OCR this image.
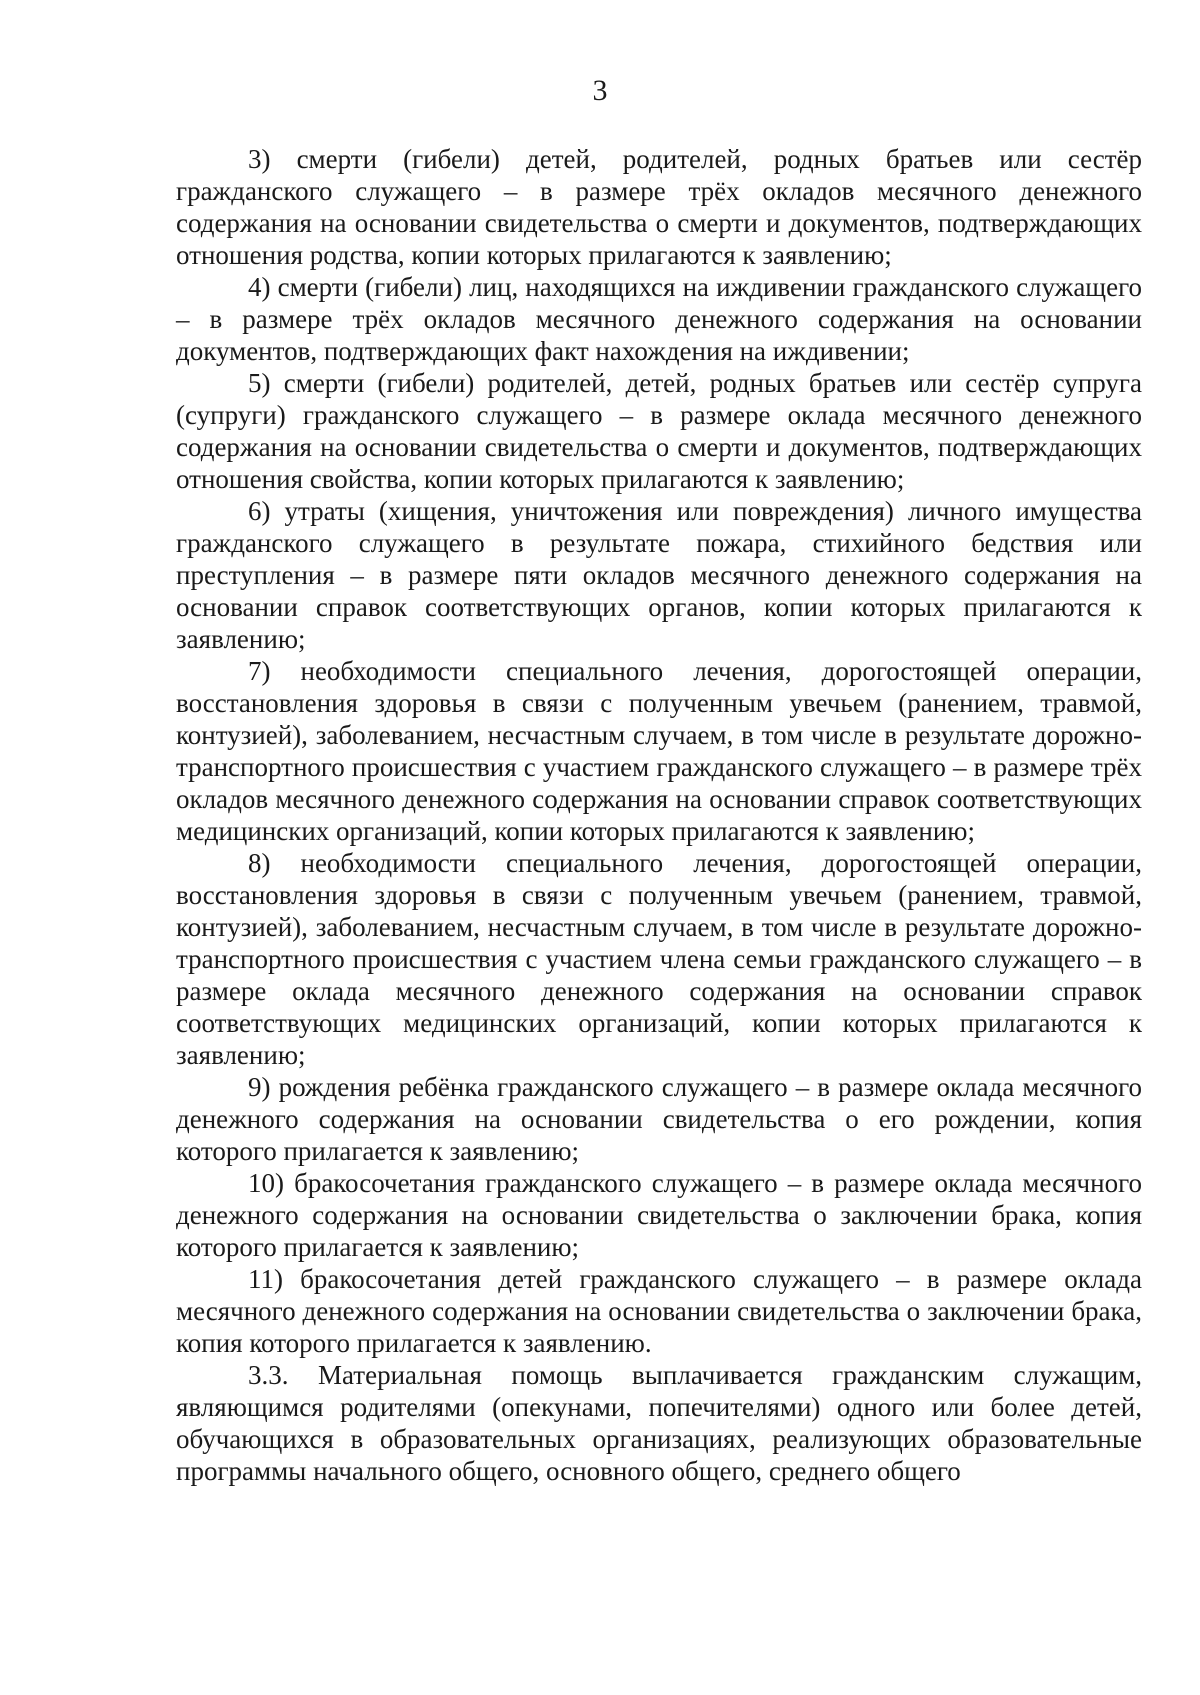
3

3) смерти (гибели) детей, родителей, родных братьев или сестёр гражданского служащего – в размере трёх окладов месячного денежного содержания на основании свидетельства о смерти и документов, подтверждающих отношения родства, копии которых прилагаются к заявлению;

4) смерти (гибели) лиц, находящихся на иждивении гражданского служащего – в размере трёх окладов месячного денежного содержания на основании документов, подтверждающих факт нахождения на иждивении;

5) смерти (гибели) родителей, детей, родных братьев или сестёр супруга (супруги) гражданского служащего – в размере оклада месячного денежного содержания на основании свидетельства о смерти и документов, подтверждающих отношения свойства, копии которых прилагаются к заявлению;

6) утраты (хищения, уничтожения или повреждения) личного имущества гражданского служащего в результате пожара, стихийного бедствия или преступления – в размере пяти окладов месячного денежного содержания на основании справок соответствующих органов, копии которых прилагаются к заявлению;

7) необходимости специального лечения, дорогостоящей операции, восстановления здоровья в связи с полученным увечьем (ранением, травмой, контузией), заболеванием, несчастным случаем, в том числе в результате дорожно-транспортного происшествия с участием гражданского служащего – в размере трёх окладов месячного денежного содержания на основании справок соответствующих медицинских организаций, копии которых прилагаются к заявлению;

8) необходимости специального лечения, дорогостоящей операции, восстановления здоровья в связи с полученным увечьем (ранением, травмой, контузией), заболеванием, несчастным случаем, в том числе в результате дорожно-транспортного происшествия с участием члена семьи гражданского служащего – в размере оклада месячного денежного содержания на основании справок соответствующих медицинских организаций, копии которых прилагаются к заявлению;

9) рождения ребёнка гражданского служащего – в размере оклада месячного денежного содержания на основании свидетельства о его рождении, копия которого прилагается к заявлению;

10) бракосочетания гражданского служащего – в размере оклада месячного денежного содержания на основании свидетельства о заключении брака, копия которого прилагается к заявлению;

11) бракосочетания детей гражданского служащего – в размере оклада месячного денежного содержания на основании свидетельства о заключении брака, копия которого прилагается к заявлению.

3.3. Материальная помощь выплачивается гражданским служащим, являющимся родителями (опекунами, попечителями) одного или более детей, обучающихся в образовательных организациях, реализующих образовательные программы начального общего, основного общего, среднего общего
